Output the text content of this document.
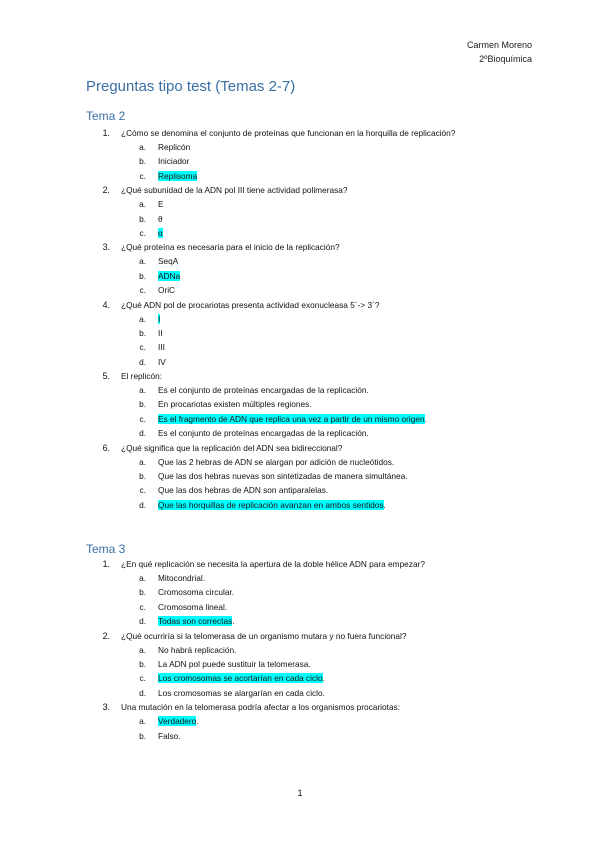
Carmen Moreno
2ºBioquímica
Preguntas tipo test (Temas 2-7)
Tema 2
1. ¿Cómo se denomina el conjunto de proteínas que funcionan en la horquilla de replicación?
a. Replicón
b. Iniciador
c. Replisoma
2. ¿Qué subunidad de la ADN pol III tiene actividad polimerasa?
a. E
b. θ
c. α
3. ¿Qué proteína es necesaria para el inicio de la replicación?
a. SeqA
b. ADNa
c. OriC
4. ¿Qué ADN pol de procariotas presenta actividad exonucleasa 5´-> 3´?
a. I
b. II
c. III
d. IV
5. El replicón:
a. Es el conjunto de proteínas encargadas de la replicación.
b. En procariotas existen múltiples regiones.
c. Es el fragmento de ADN que replica una vez a partir de un mismo origen.
d. Es el conjunto de proteínas encargadas de la replicación.
6. ¿Qué significa que la replicación del ADN sea bidireccional?
a. Que las 2 hebras de ADN se alargan por adición de nucleótidos.
b. Que las dos hebras nuevas son sintetizadas de manera simultánea.
c. Que las dos hebras de ADN son antiparalelas.
d. Que las horquillas de replicación avanzan en ambos sentidos.
Tema 3
1. ¿En qué replicación se necesita la apertura de la doble hélice ADN para empezar?
a. Mitocondrial.
b. Cromosoma circular.
c. Cromosoma lineal.
d. Todas son correctas.
2. ¿Qué ocurriría si la telomerasa de un organismo mutara y no fuera funcional?
a. No habrá replicación.
b. La ADN pol puede sustituir la telomerasa.
c. Los cromosomas se acortarían en cada ciclo.
d. Los cromosomas se alargarían en cada ciclo.
3. Una mutación en la telomerasa podría afectar a los organismos procariotas:
a. Verdadero.
b. Falso.
1
